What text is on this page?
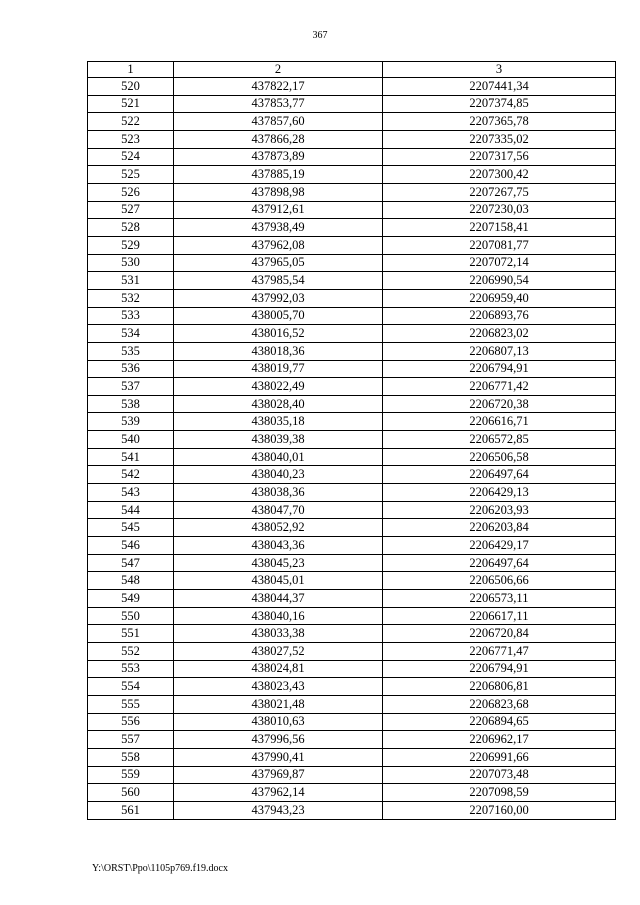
367
1	2	3
520	437822,17	2207441,34
521	437853,77	2207374,85
522	437857,60	2207365,78
523	437866,28	2207335,02
524	437873,89	2207317,56
525	437885,19	2207300,42
526	437898,98	2207267,75
527	437912,61	2207230,03
528	437938,49	2207158,41
529	437962,08	2207081,77
530	437965,05	2207072,14
531	437985,54	2206990,54
532	437992,03	2206959,40
533	438005,70	2206893,76
534	438016,52	2206823,02
535	438018,36	2206807,13
536	438019,77	2206794,91
537	438022,49	2206771,42
538	438028,40	2206720,38
539	438035,18	2206616,71
540	438039,38	2206572,85
541	438040,01	2206506,58
542	438040,23	2206497,64
543	438038,36	2206429,13
544	438047,70	2206203,93
545	438052,92	2206203,84
546	438043,36	2206429,17
547	438045,23	2206497,64
548	438045,01	2206506,66
549	438044,37	2206573,11
550	438040,16	2206617,11
551	438033,38	2206720,84
552	438027,52	2206771,47
553	438024,81	2206794,91
554	438023,43	2206806,81
555	438021,48	2206823,68
556	438010,63	2206894,65
557	437996,56	2206962,17
558	437990,41	2206991,66
559	437969,87	2207073,48
560	437962,14	2207098,59
561	437943,23	2207160,00
Y:\ORST\Ppo\1105p769.f19.docx
